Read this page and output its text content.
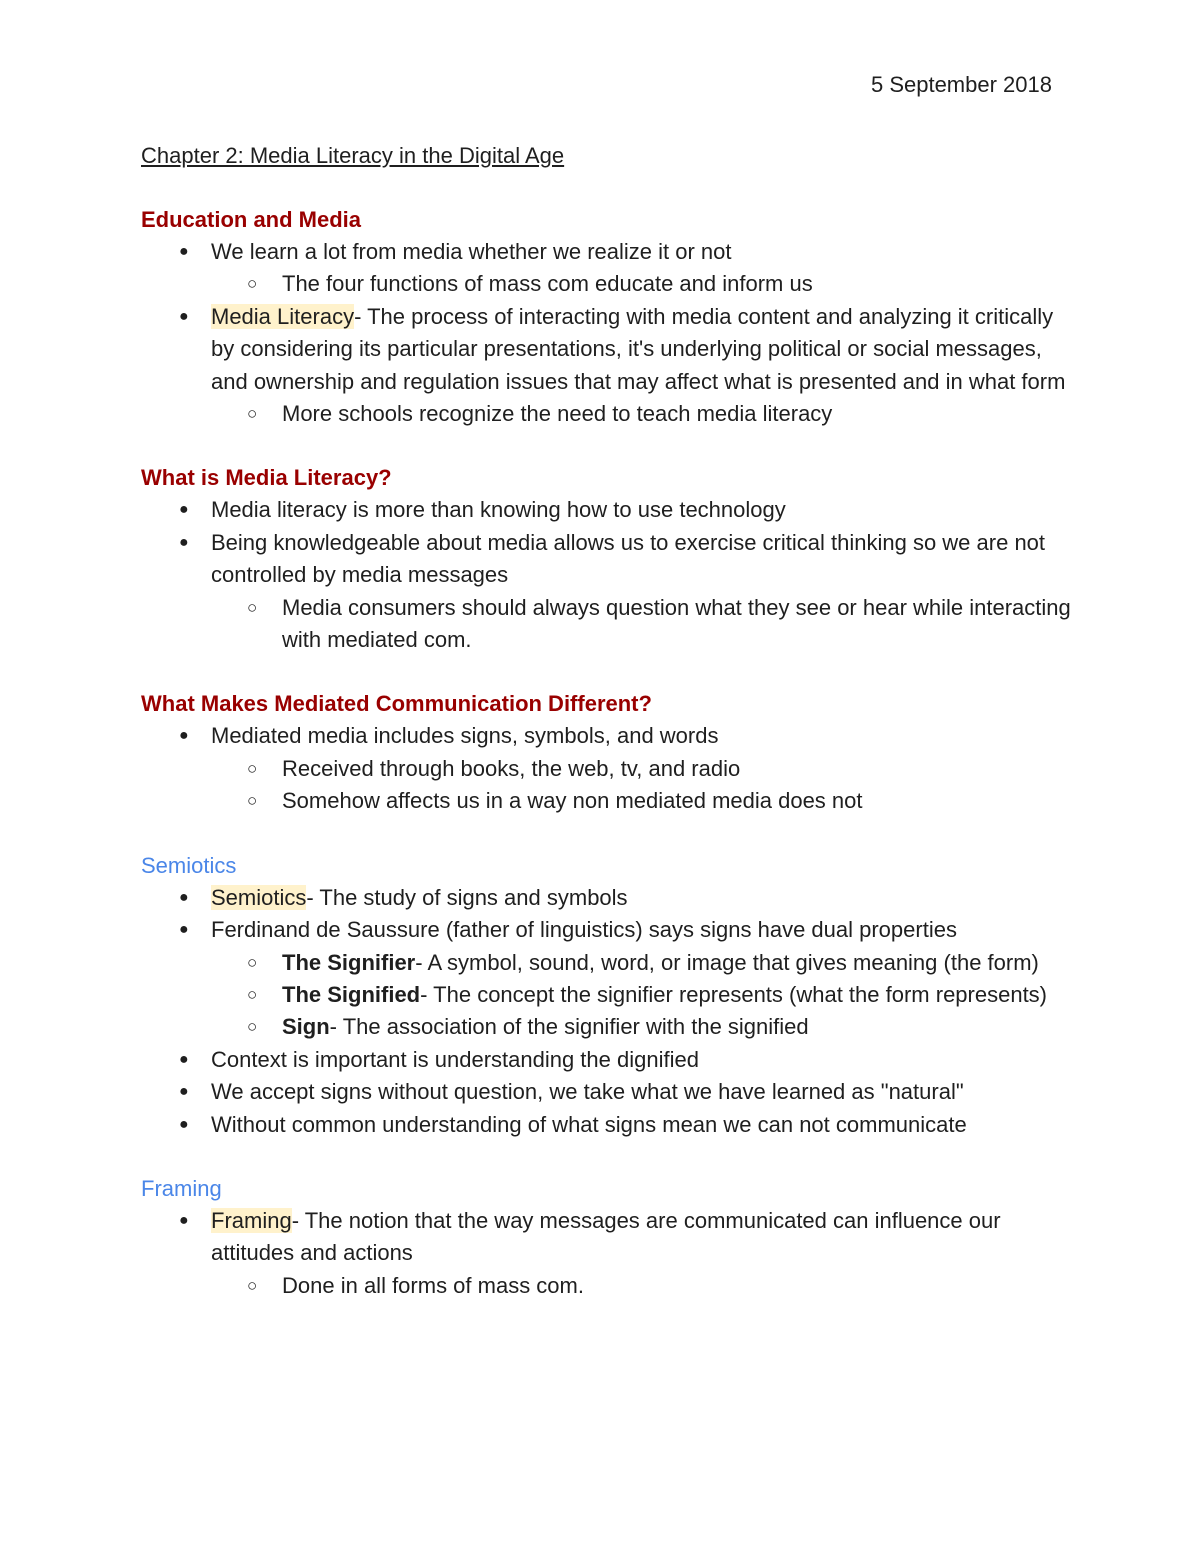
5 September 2018
Chapter 2: Media Literacy in the Digital Age
Education and Media
● We learn a lot from media whether we realize it or not
○ The four functions of mass com educate and inform us
● Media Literacy- The process of interacting with media content and analyzing it critically by considering its particular presentations, it's underlying political or social messages, and ownership and regulation issues that may affect what is presented and in what form
○ More schools recognize the need to teach media literacy
What is Media Literacy?
● Media literacy is more than knowing how to use technology
● Being knowledgeable about media allows us to exercise critical thinking so we are not controlled by media messages
○ Media consumers should always question what they see or hear while interacting with mediated com.
What Makes Mediated Communication Different?
● Mediated media includes signs, symbols, and words
○ Received through books, the web, tv, and radio
○ Somehow affects us in a way non mediated media does not
Semiotics
● Semiotics- The study of signs and symbols
● Ferdinand de Saussure (father of linguistics) says signs have dual properties
○ The Signifier- A symbol, sound, word, or image that gives meaning (the form)
○ The Signified- The concept the signifier represents (what the form represents)
○ Sign- The association of the signifier with the signified
● Context is important is understanding the dignified
● We accept signs without question, we take what we have learned as "natural"
● Without common understanding of what signs mean we can not communicate
Framing
● Framing- The notion that the way messages are communicated can influence our attitudes and actions
○ Done in all forms of mass com.
